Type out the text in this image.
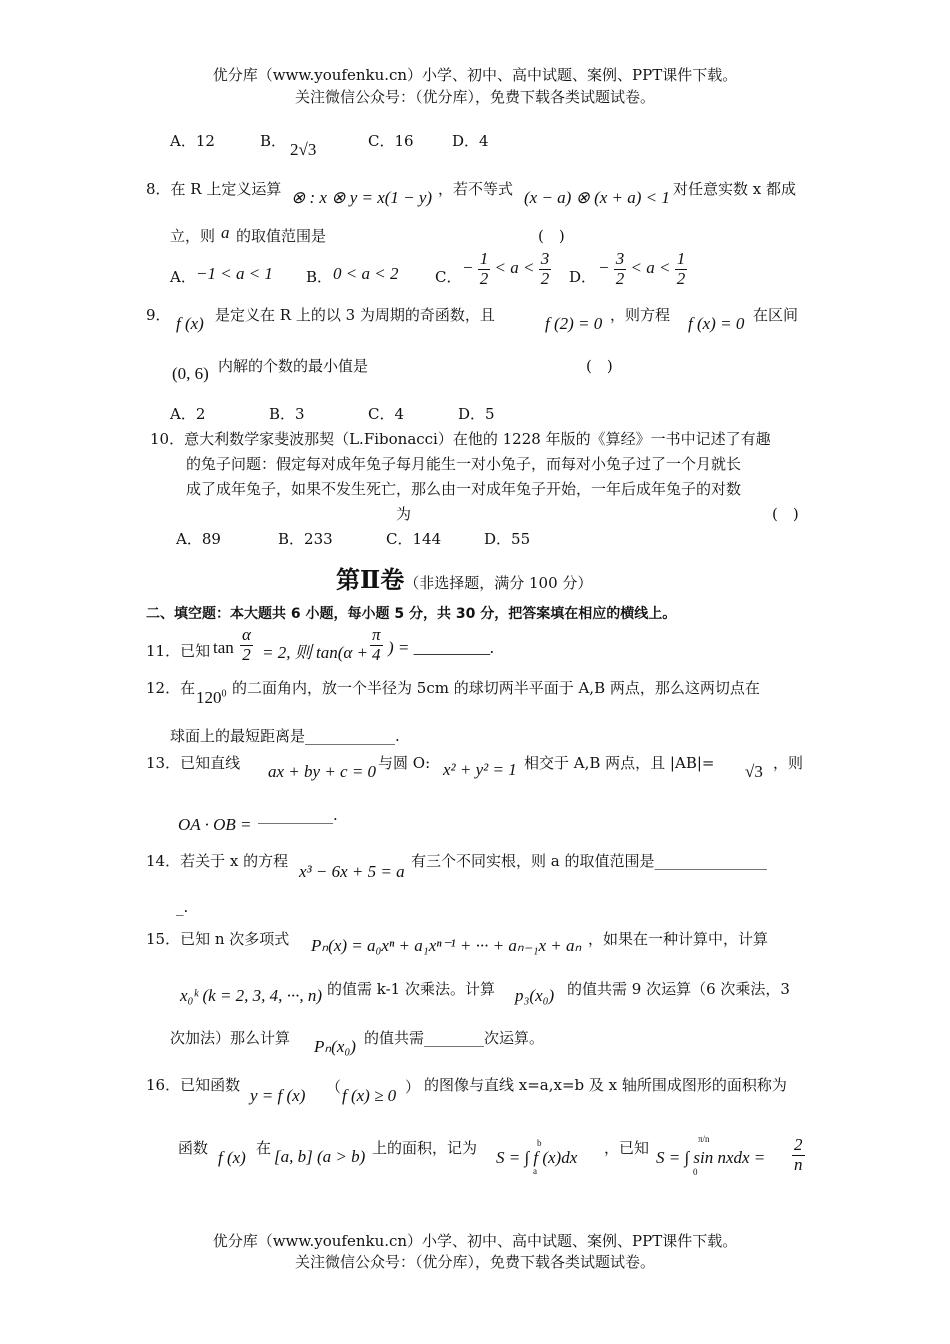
优分库（www.youfenku.cn）小学、初中、高中试题、案例、PPT课件下载。
关注微信公众号：（优分库），免费下载各类试题试卷。
A．12	B． 2√3	C．16	D．4
8．在 R 上定义运算 ⊗ : x ⊗ y = x(1 − y) ，若不等式 (x − a) ⊗ (x + a) < 1 对任意实数 x 都成
立，则 a 的取值范围是	(　)
A． −1 < a < 1 B． 0 < a < 2 C． − $\frac{1}{2} < a < \frac{3}{2}$ D． − $\frac{3}{2} < a < \frac{1}{2}$
9． f (x) 是定义在 R 上的以 3 为周期的奇函数，且	f (2) = 0 ，则方程 f (x) = 0 在区间
(0, 6) 内解的个数的最小值是	(　)
A．2	B．3	C．4	D．5
10．意大利数学家斐波那契（L.Fibonacci）在他的 1228 年版的《算经》一书中记述了有趣
的兔子问题：假定每对成年兔子每月能生一对小兔子，而每对小兔子过了一个月就长
成了成年兔子，如果不发生死亡，那么由一对成年兔子开始，一年后成年兔子的对数
为	(　)
A．89	B．233	C．144	D．55
第Ⅱ卷（非选择题，满分 100 分）
二、填空题：本大题共 6 小题，每小题 5 分，共 30 分，把答案填在相应的横线上。
11．已知 $\tan \frac{\alpha}{2} = 2$, 则 $\tan(\alpha + \frac{\pi}{4}$ ) = _________.
12．在 $120^0$ 的二面角内，放一个半径为 5cm 的球切两半平面于 A,B 两点，那么这两切点在
球面上的最短距离是____________.
13．已知直线 ax + by + c = 0 与圆 O: x² + y² = 1 相交于 A,B 两点，且 |AB|= √3 ，则
OA · OB = __________.
14．若关于 x 的方程
x³ − 6x + 5 = a
有三个不同实根，则 a 的取值范围是_______________
_.
15．已知 n 次多项式 Pₙ(x) = a₀xⁿ + a₁xⁿ⁻¹ + ··· + aₙ₋₁x + aₙ ，如果在一种计算中，计算
x₀ᵏ (k = 2, 3, 4, ···, n) 的值需 k-1 次乘法。计算 p₃(x₀) 的值共需 9 次运算（6 次乘法，3
次加法）那么计算 Pₙ(x₀) 的值共需________次运算。
16．已知函数
y = f (x) （ f (x) ≥ 0 ） 的图像与直线 x=a,x=b 及 x 轴所围成图形的面积称为
函数 f (x) 在 [a, b] (a > b) 上的面积，记为 S = ∫ f (x)dx
b
a
，已知 S = ∫ sin nxdx =
π/n
0	$\frac{2}{n}$
优分库（www.youfenku.cn）小学、初中、高中试题、案例、PPT课件下载。
关注微信公众号：（优分库），免费下载各类试题试卷。
